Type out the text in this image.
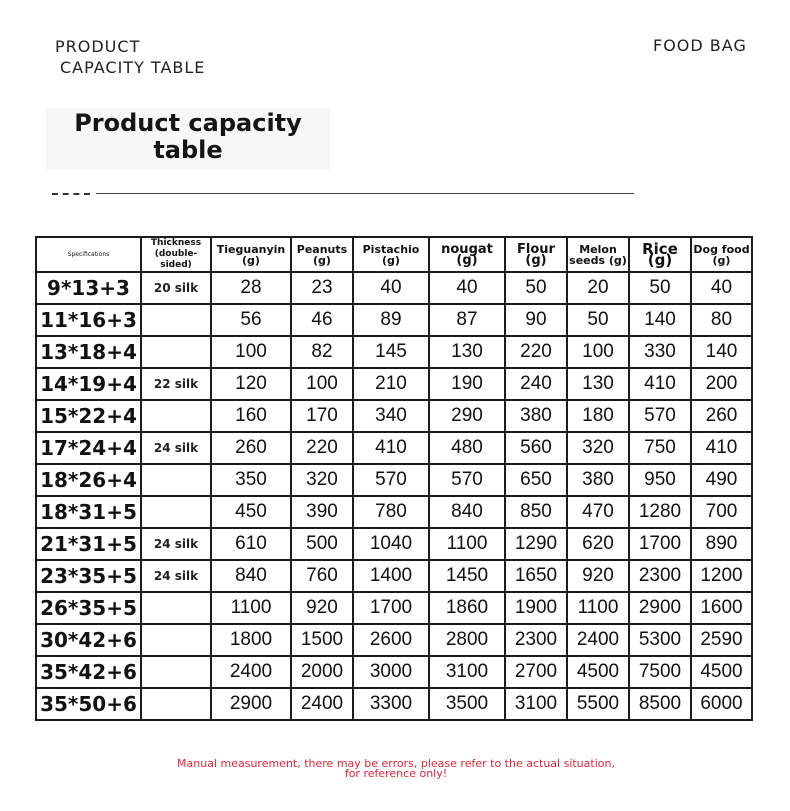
PRODUCT
CAPACITY TABLE
FOOD BAG
Product capacity
table
Specifications	Thickness (double-sided)	Tieguanyin (g)	Peanuts (g)	Pistachio (g)	nougat (g)	Flour (g)	Melon seeds (g)	Rice (g)	Dog food (g)
9*13+3	20 silk	28	23	40	40	50	20	50	40
11*16+3		56	46	89	87	90	50	140	80
13*18+4		100	82	145	130	220	100	330	140
14*19+4	22 silk	120	100	210	190	240	130	410	200
15*22+4		160	170	340	290	380	180	570	260
17*24+4	24 silk	260	220	410	480	560	320	750	410
18*26+4		350	320	570	570	650	380	950	490
18*31+5		450	390	780	840	850	470	1280	700
21*31+5	24 silk	610	500	1040	1100	1290	620	1700	890
23*35+5	24 silk	840	760	1400	1450	1650	920	2300	1200
26*35+5		1100	920	1700	1860	1900	1100	2900	1600
30*42+6		1800	1500	2600	2800	2300	2400	5300	2590
35*42+6		2400	2000	3000	3100	2700	4500	7500	4500
35*50+6		2900	2400	3300	3500	3100	5500	8500	6000
Manual measurement, there may be errors, please refer to the actual situation,
for reference only!
